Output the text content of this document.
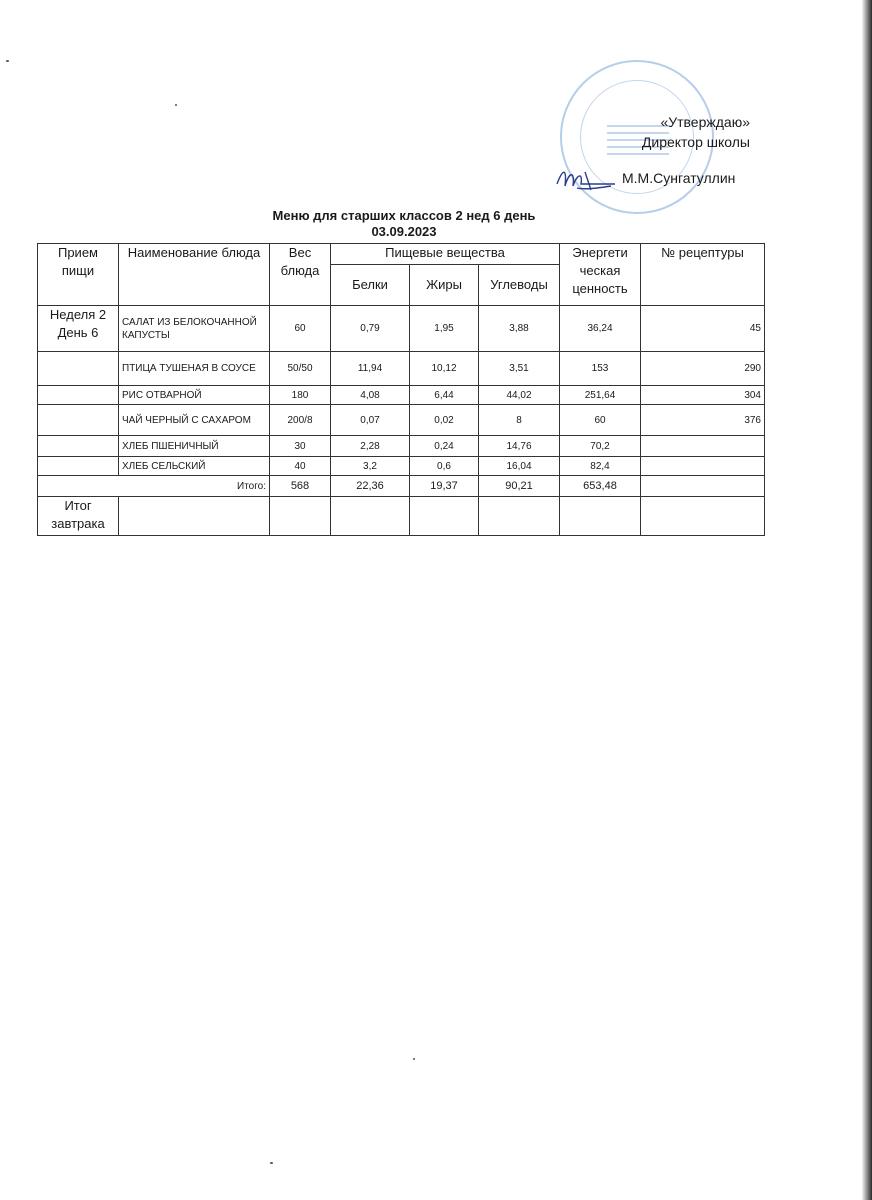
«Утверждаю»
Директор школы
М.М.Сунгатуллин
Меню для старших классов 2 нед 6 день
03.09.2023
Прием пищи	Наименование блюда	Вес блюда	Пищевые вещества			Энергети ческая ценность	№ рецептуры
			Белки	Жиры	Углеводы		
Неделя 2 День 6	САЛАТ ИЗ БЕЛОКОЧАННОЙ КАПУСТЫ	60	0,79	1,95	3,88	36,24	45
	ПТИЦА ТУШЕНАЯ В СОУСЕ	50/50	11,94	10,12	3,51	153	290
	РИС ОТВАРНОЙ	180	4,08	6,44	44,02	251,64	304
	ЧАЙ ЧЕРНЫЙ С САХАРОМ	200/8	0,07	0,02	8	60	376
	ХЛЕБ ПШЕНИЧНЫЙ	30	2,28	0,24	14,76	70,2	
	ХЛЕБ СЕЛЬСКИЙ	40	3,2	0,6	16,04	82,4	
Итого:		568	22,36	19,37	90,21	653,48	
Итог завтрака							
